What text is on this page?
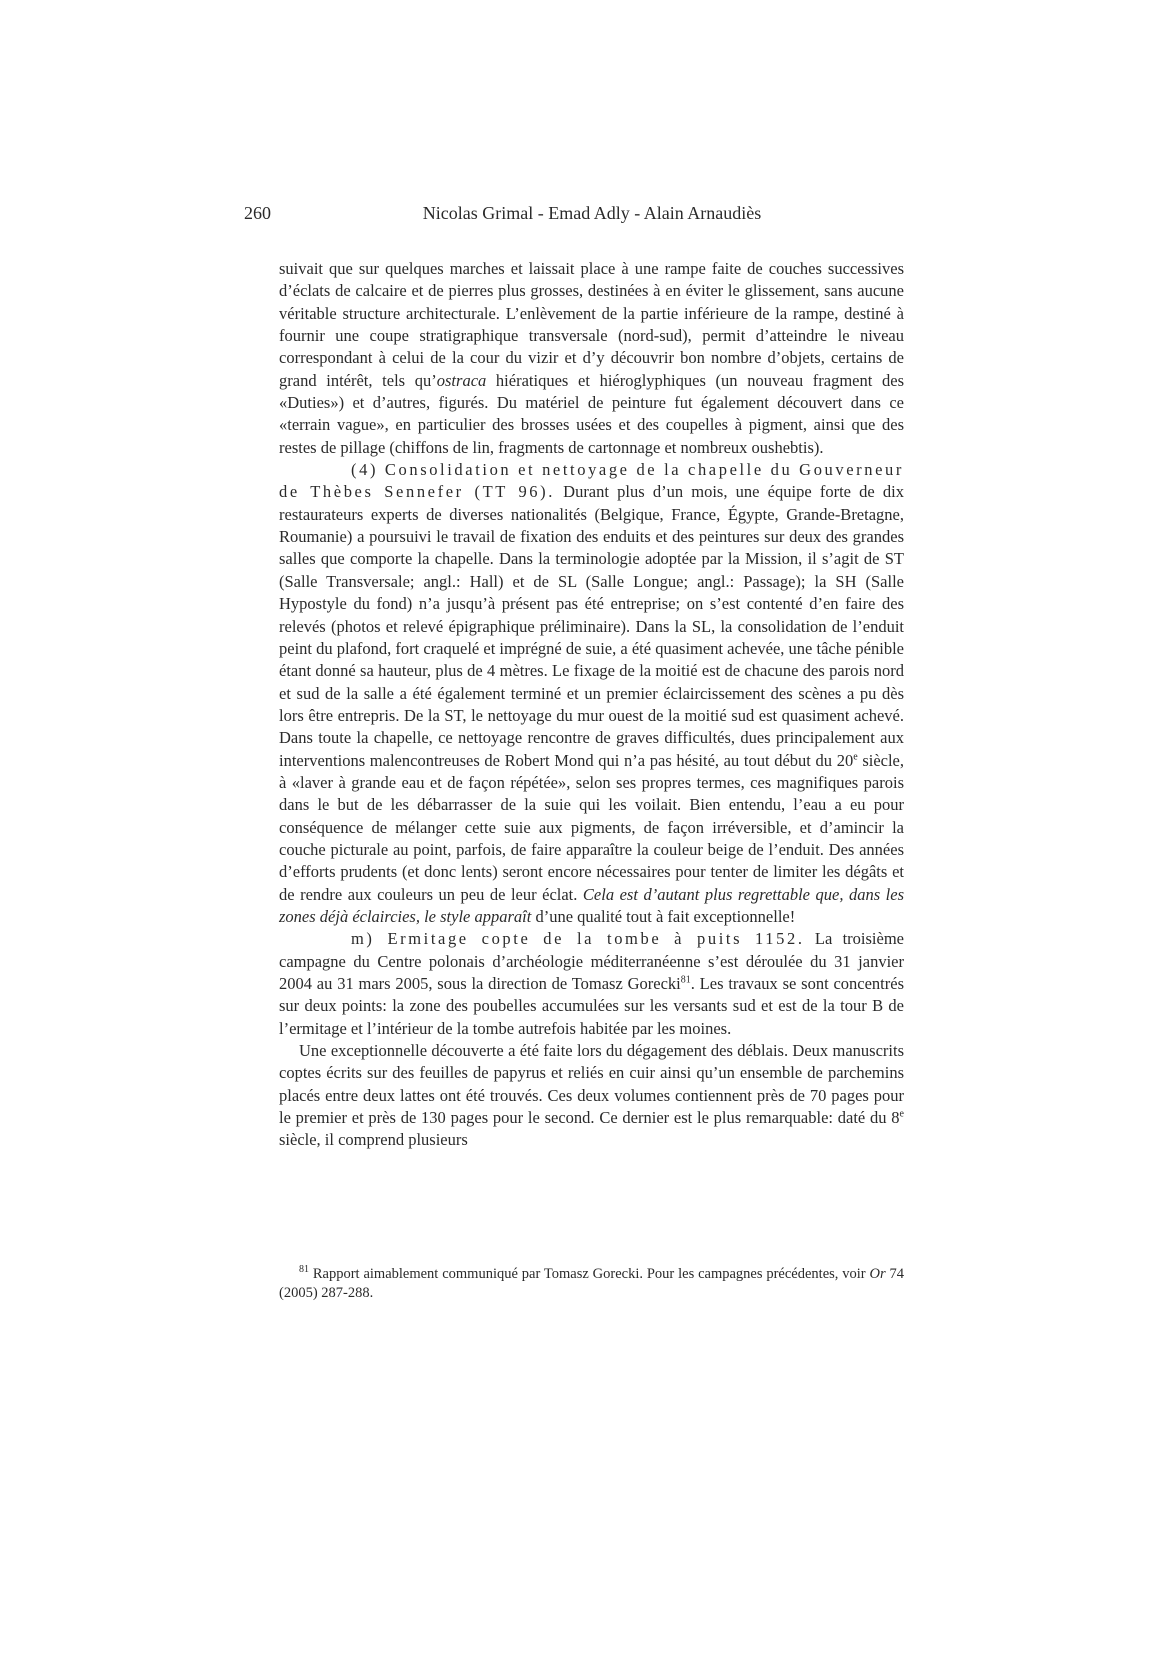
260	Nicolas Grimal - Emad Adly - Alain Arnaudiès

suivait que sur quelques marches et laissait place à une rampe faite de couches successives d’éclats de calcaire et de pierres plus grosses, destinées à en éviter le glissement, sans aucune véritable structure architecturale. L’enlèvement de la partie inférieure de la rampe, destiné à fournir une coupe stratigraphique transversale (nord-sud), permit d’atteindre le niveau correspondant à celui de la cour du vizir et d’y découvrir bon nombre d’objets, certains de grand intérêt, tels qu’ostraca hiératiques et hiéroglyphiques (un nouveau fragment des «Duties») et d’autres, figurés. Du matériel de peinture fut également découvert dans ce «terrain vague», en particulier des brosses usées et des coupelles à pigment, ainsi que des restes de pillage (chiffons de lin, fragments de cartonnage et nombreux oushebtis).

(4) Consolidation et nettoyage de la chapelle du Gouverneur de Thèbes Sennefer (TT 96). Durant plus d’un mois, une équipe forte de dix restaurateurs experts de diverses nationalités (Belgique, France, Égypte, Grande-Bretagne, Roumanie) a poursuivi le travail de fixation des enduits et des peintures sur deux des grandes salles que comporte la chapelle. Dans la terminologie adoptée par la Mission, il s’agit de ST (Salle Transversale; angl.: Hall) et de SL (Salle Longue; angl.: Passage); la SH (Salle Hypostyle du fond) n’a jusqu’à présent pas été entreprise; on s’est contenté d’en faire des relevés (photos et relevé épigraphique préliminaire). Dans la SL, la consolidation de l’enduit peint du plafond, fort craquelé et imprégné de suie, a été quasiment achevée, une tâche pénible étant donné sa hauteur, plus de 4 mètres. Le fixage de la moitié est de chacune des parois nord et sud de la salle a été également terminé et un premier éclaircissement des scènes a pu dès lors être entrepris. De la ST, le nettoyage du mur ouest de la moitié sud est quasiment achevé. Dans toute la chapelle, ce nettoyage rencontre de graves difficultés, dues principalement aux interventions malencontreuses de Robert Mond qui n’a pas hésité, au tout début du 20e siècle, à «laver à grande eau et de façon répétée», selon ses propres termes, ces magnifiques parois dans le but de les débarrasser de la suie qui les voilait. Bien entendu, l’eau a eu pour conséquence de mélanger cette suie aux pigments, de façon irréversible, et d’amincir la couche picturale au point, parfois, de faire apparaître la couleur beige de l’enduit. Des années d’efforts prudents (et donc lents) seront encore nécessaires pour tenter de limiter les dégâts et de rendre aux couleurs un peu de leur éclat. Cela est d’autant plus regrettable que, dans les zones déjà éclaircies, le style apparaît d’une qualité tout à fait exceptionnelle!

m) Ermitage copte de la tombe à puits 1152. La troisième campagne du Centre polonais d’archéologie méditerranéenne s’est déroulée du 31 janvier 2004 au 31 mars 2005, sous la direction de Tomasz Gorecki$^{81}$. Les travaux se sont concentrés sur deux points: la zone des poubelles accumulées sur les versants sud et est de la tour B de l’ermitage et l’intérieur de la tombe autrefois habitée par les moines.

Une exceptionnelle découverte a été faite lors du dégagement des déblais. Deux manuscrits coptes écrits sur des feuilles de papyrus et reliés en cuir ainsi qu’un ensemble de parchemins placés entre deux lattes ont été trouvés. Ces deux volumes contiennent près de 70 pages pour le premier et près de 130 pages pour le second. Ce dernier est le plus remarquable: daté du 8e siècle, il comprend plusieurs

$^{81}$ Rapport aimablement communiqué par Tomasz Gorecki. Pour les campagnes précédentes, voir Or 74 (2005) 287-288.
